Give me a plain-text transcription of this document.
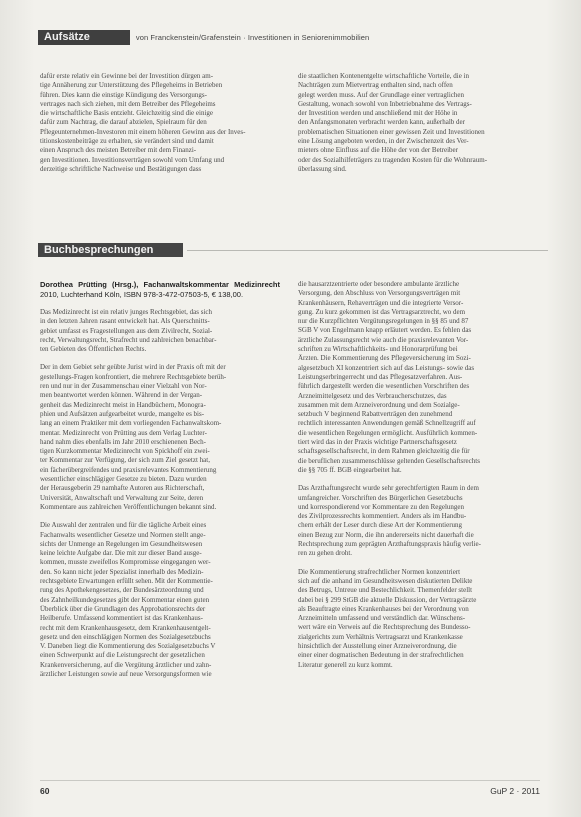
Aufsätze	von Franckenstein/Grafenstein · Investitionen in Seniorenimmobilien
dafür erste relativ ein Gewinne bei der Investition dürgen am-
tige Annäherung zur Unterstützung des Pflegeheims in Betrieben
führen. Dies kann die einstige Kündigung des Versorgungs-
vertrages nach sich ziehen, mit dem Betreiber des Pflegeheims
die wirtschaftliche Basis entzieht. Gleichzeitig sind die einige
dafür zum Nachtrag, die darauf abzielen, Spielraum für den
Pflegeunternehmen-Investoren mit einem höheren Gewinn aus der Inves-
titionskostenbeiträge zu erhalten, sie verändert sind und damit
einen Anspruch des meisten Betreiber mit dem Finanzi-
gen Investitionen. Investitionsverträgen sowohl vom Umfang und
derzeitige schriftliche Nachweise und Bestätigungen dass
die staatlichen Kontenentgelte wirtschaftliche Vorteile, die in
Nachträgen zum Mietvertrag enthalten sind, nach offen
gelegt werden muss. Auf der Grundlage einer vertraglichen
Gestaltung, wonach sowohl von Inbetriebnahme des Vertrags-
der Investition werden und anschließend mit der Höhe in
den Anfangsmonaten verbracht werden kann, außerhalb der
problematischen Situationen einer gewissen Zeit und Investitionen
eine Lösung angeboten werden, in der Zwischenzeit des Ver-
mieters ohne Einfluss auf die Höhe der von der Betreiber
oder des Sozialhilfeträgers zu tragenden Kosten für die Wohnraum-
überlassung sind.
Buchbesprechungen
Dorothea Prütting (Hrsg.), Fachanwaltskommentar Medizinrecht 2010, Luchterhand Köln, ISBN 978-3-472-07503-5, € 138,00.
Das Medizinrecht ist ein relativ junges Rechtsgebiet, das sich
in den letzten Jahren rasant entwickelt hat. Als Querschnitts-
gebiet umfasst es Fragestellungen aus dem Zivilrecht, Sozial-
recht, Verwaltungsrecht, Strafrecht und zahlreichen benachbar-
ten Gebieten des Öffentlichen Rechts.
Der in dem Gebiet sehr geübte Jurist wird in der Praxis oft mit der
gestellungs-Fragen konfrontiert, die mehrere Rechtsgebiete berüh-
ren und nur in der Zusammenschau einer Vielzahl von Nor-
men beantwortet werden können. Während in der Vergan-
genheit das Medizinrecht meist in Handbüchern, Monogra-
phien und Aufsätzen aufgearbeitet wurde, mangelte es bis-
lang an einem Praktiker mit dem vorliegenden Fachanwaltskom-
mentar. Medizinrecht von Prütting aus dem Verlag Luchter-
hand nahm dies ebenfalls im Jahr 2010 erschienenen Bech-
tigen Kurzkommentar Medizinrecht von Spickhoff ein zwei-
ter Kommentar zur Verfügung, der sich zum Ziel gesetzt hat,
ein fächerübergreifendes und praxisrelevantes Kommentierung
wesentlicher einschlägiger Gesetze zu bieten. Dazu wurden
der Herausgeberin 29 namhafte Autoren aus Richterschaft,
Universität, Anwaltschaft und Verwaltung zur Seite, deren
Kommentare aus zahlreichen Veröffentlichungen bekannt sind.
Die Auswahl der zentralen und für die tägliche Arbeit eines
Fachanwalts wesentlicher Gesetze und Normen stellt ange-
sichts der Unmenge an Regelungen im Gesundheitswesen
keine leichte Aufgabe dar. Die mit zur dieser Band ausge-
kommen, musste zweifellos Kompromisse eingegangen wer-
den. So kann nicht jeder Spezialist innerhalb des Medizin-
rechtsgebiete Erwartungen erfüllt sehen. Mit der Kommentie-
rung des Apothekengesetzes, der Bundesärzteordnung und
des Zahnheilkundegesetzes gibt der Kommentar einen guten
Überblick über die Grundlagen des Approbationsrechts der
Heilberufe. Umfassend kommentiert ist das Krankenhaus-
recht mit dem Krankenhausgesetz, dem Krankenhausentgelt-
gesetz und den einschlägigen Normen des Sozialgesetzbuchs
V. Daneben liegt die Kommentierung des Sozialgesetzbuchs V
einen Schwerpunkt auf die Leistungsrecht der gesetzlichen
Krankenversicherung, auf die Vergütung ärztlicher und zahn-
ärztlicher Leistungen sowie auf neue Versorgungsformen wie
die hausarztzentrierte oder besondere ambulante ärztliche
Versorgung, den Abschluss von Versorgungsverträgen mit
Krankenhäusern, Rehaverträgen und die integrierte Versor-
gung. Zu kurz gekommen ist das Vertragsarztrecht, wo dem
nur die Kurzpflichten Vergütungsregelungen in §§ 85 und 87
SGB V von Engelmann knapp erläutert werden. Es fehlen das
ärztliche Zulassungsrecht wie auch die praxisrelevanten Vor-
schriften zu Wirtschaftlichkeits- und Honorarprüfung bei
Ärzten. Die Kommentierung des Pflegeversicherung im Sozi-
algesetzbuch XI konzentriert sich auf das Leistungs- sowie das
Leistungserbringerrecht und das Pflegesatzverfahren. Aus-
führlich dargestellt werden die wesentlichen Vorschriften des
Arzneimittelgesetz und des Verbraucherschutzes, das
zusammen mit dem Arzneiverordnung und dem Sozialge-
setzbuch V beginnend Rabattverträgen den zunehmend
rechtlich interessanten Anwendungen gemäß Schnellzugriff auf
die wesentlichen Regelungen ermöglicht. Ausführlich kommen-
tiert wird das in der Praxis wichtige Partnerschaftsgesetz
schaftsgesellschaftsrecht, in dem Rahmen gleichzeitig die für
die beruflichen zusammenschlüsse geltenden Gesellschaftsrechts
die §§ 705 ff. BGB eingearbeitet hat.
Das Arzthaftungsrecht wurde sehr gerechtfertigten Raum in dem
umfangreicher. Vorschriften des Bürgerlichen Gesetzbuchs
und korrespondierend vor Kommentare zu den Regelungen
des Zivilprozessrechts kommentiert. Anders als im Handbu-
chern erhält der Leser durch diese Art der Kommentierung
einen Bezug zur Norm, die ihn andererseits nicht dauerhaft die
Rechtsprechung zum geprägten Arzthaftungspraxis häufig verlie-
ren zu gehen droht.
Die Kommentierung strafrechtlicher Normen konzentriert
sich auf die anhand im Gesundheitswesen diskutierten Delikte
des Betrugs, Untreue und Bestechlichkeit. Themenfelder stellt
dabei bei § 299 StGB die aktuelle Diskussion, der Vertragsärzte
als Beauftragte eines Krankenhauses bei der Verordnung von
Arzneimitteln umfassend und verständlich dar. Wünschens-
wert wäre ein Verweis auf die Rechtsprechung des Bundesso-
zialgerichts zum Verhältnis Vertragsarzt und Krankenkasse
hinsichtlich der Ausstellung einer Arzneiverordnung, die
einer einer dogmatischen Bedeutung in der strafrechtlichen
Literatur generell zu kurz kommt.
60	GuP 2 · 2011
